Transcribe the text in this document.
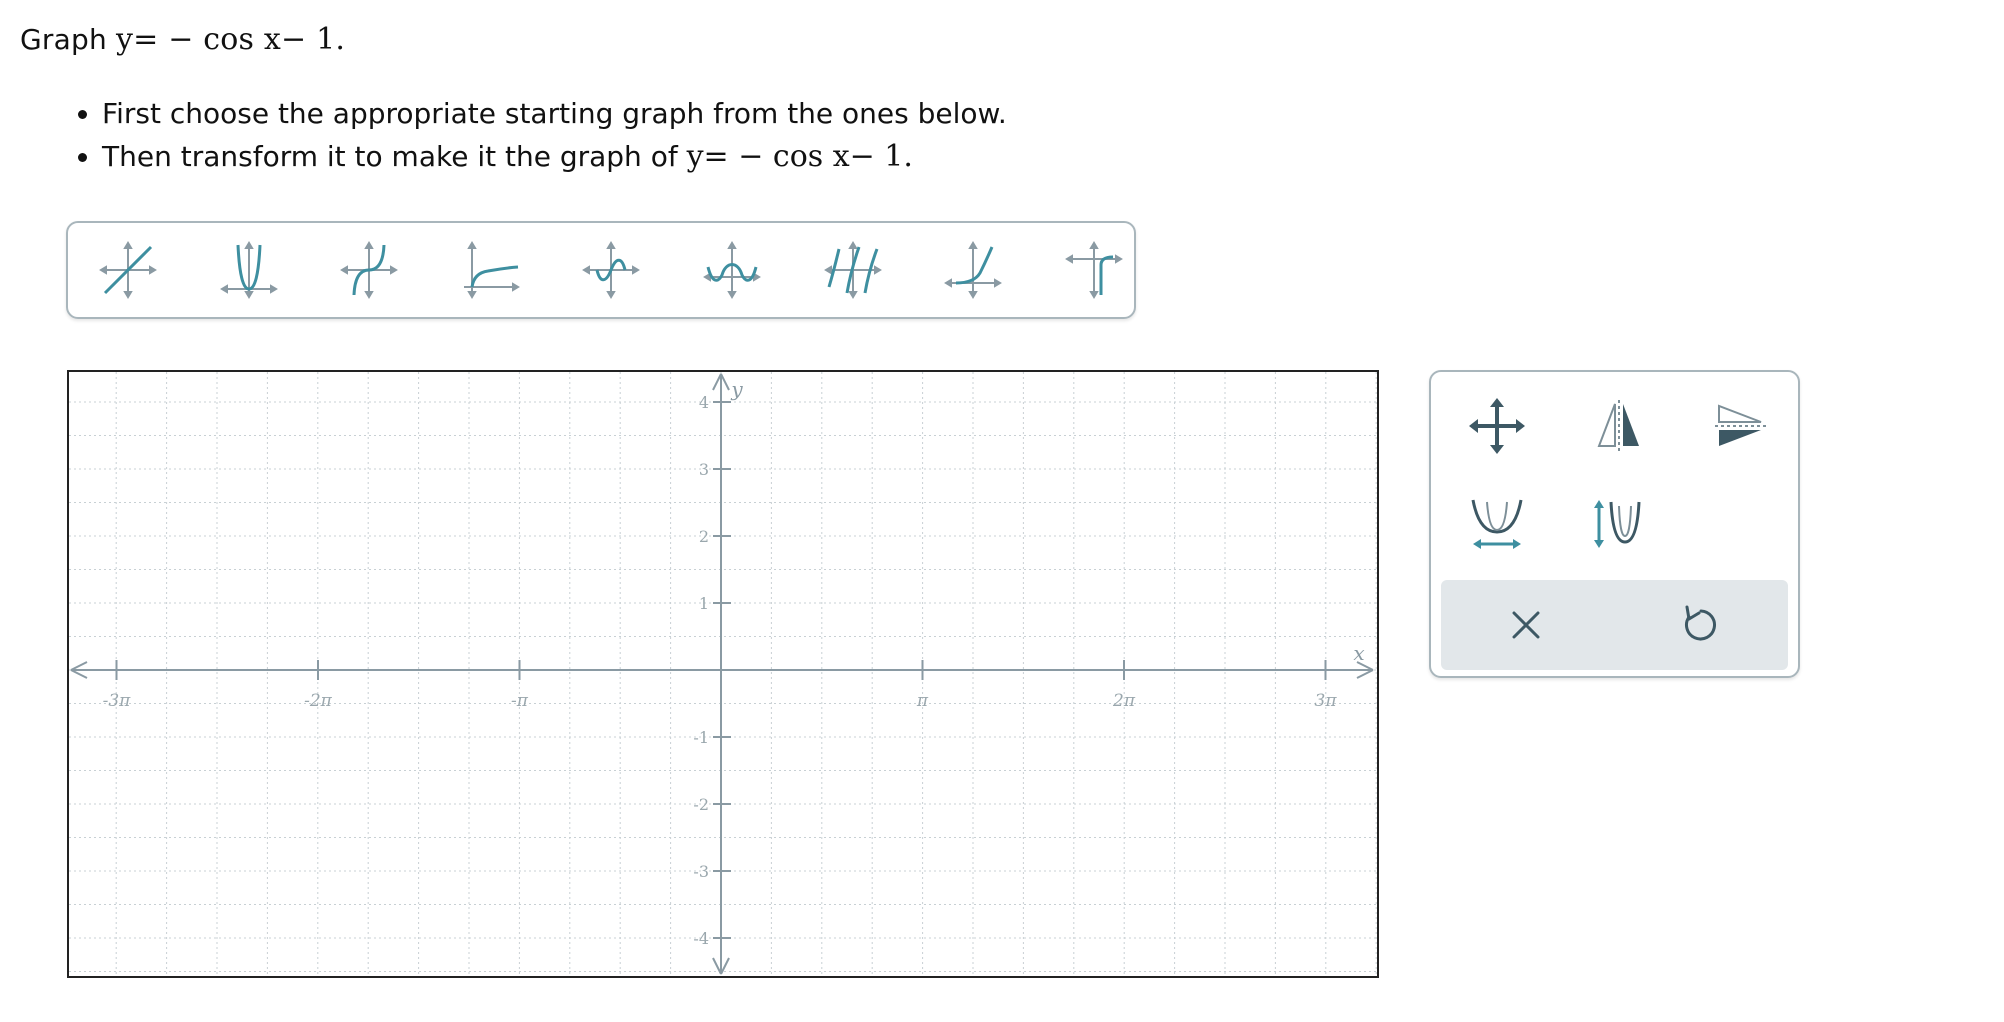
Graph y= − cos x− 1.
• First choose the appropriate starting graph from the ones below.
• Then transform it to make it the graph of y= − cos x− 1.
-3π	-2π	-π	π	2π	3π
4
3
2
1
-1
-2
-3
-4
x
y
